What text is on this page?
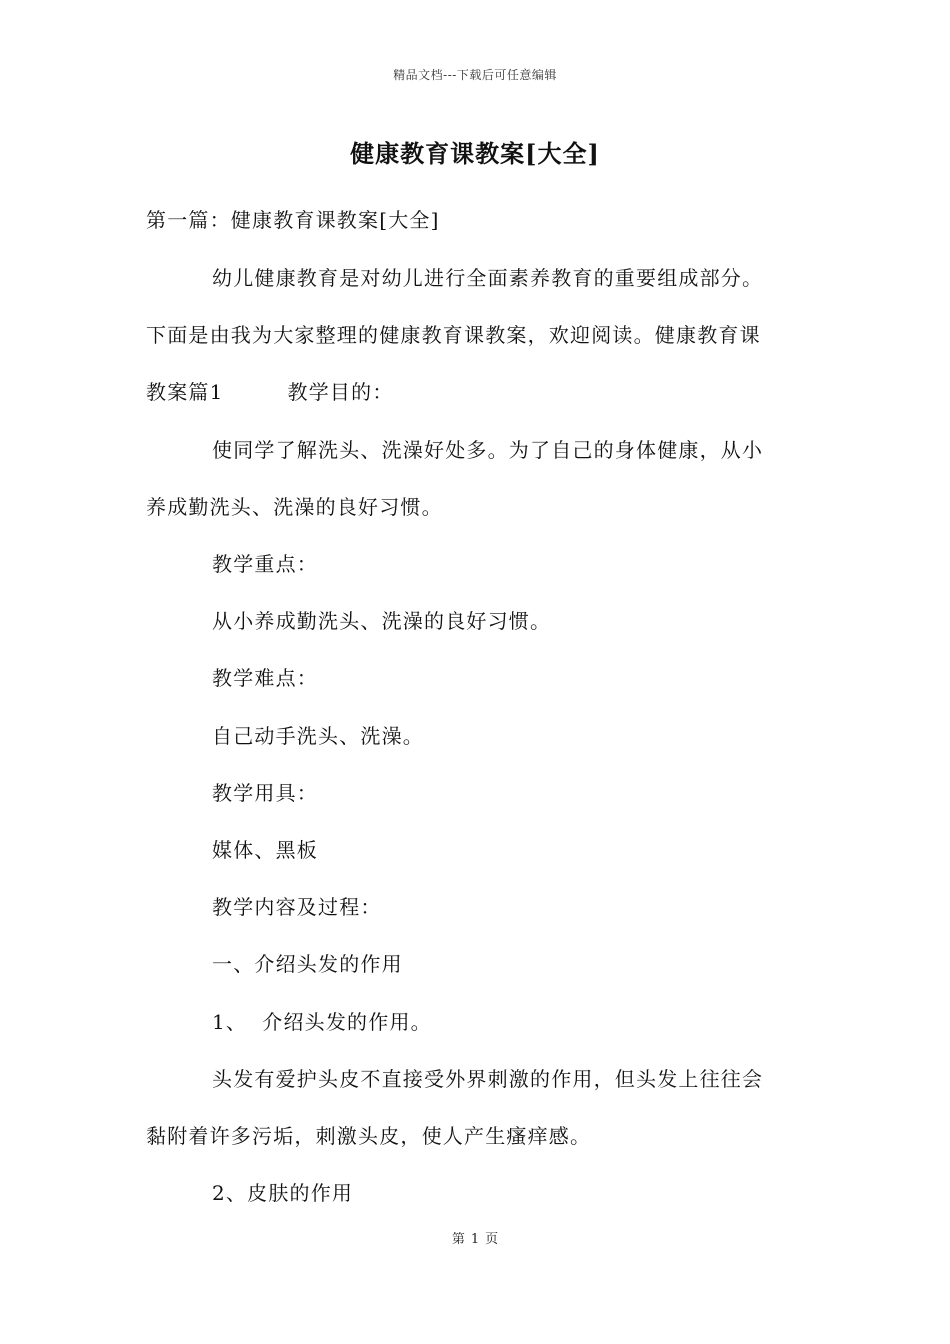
精品文档---下载后可任意编辑
健康教育课教案[大全]
第一篇：健康教育课教案[大全]
幼儿健康教育是对幼儿进行全面素养教育的重要组成部分。
下面是由我为大家整理的健康教育课教案，欢迎阅读。健康教育课
教案篇1	教学目的：
使同学了解洗头、洗澡好处多。为了自己的身体健康，从小
养成勤洗头、洗澡的良好习惯。
教学重点：
从小养成勤洗头、洗澡的良好习惯。
教学难点：
自己动手洗头、洗澡。
教学用具：
媒体、黑板
教学内容及过程：
一、介绍头发的作用
1、  介绍头发的作用。
头发有爱护头皮不直接受外界刺激的作用，但头发上往往会
黏附着许多污垢，刺激头皮，使人产生瘙痒感。
2、皮肤的作用
第 1 页
